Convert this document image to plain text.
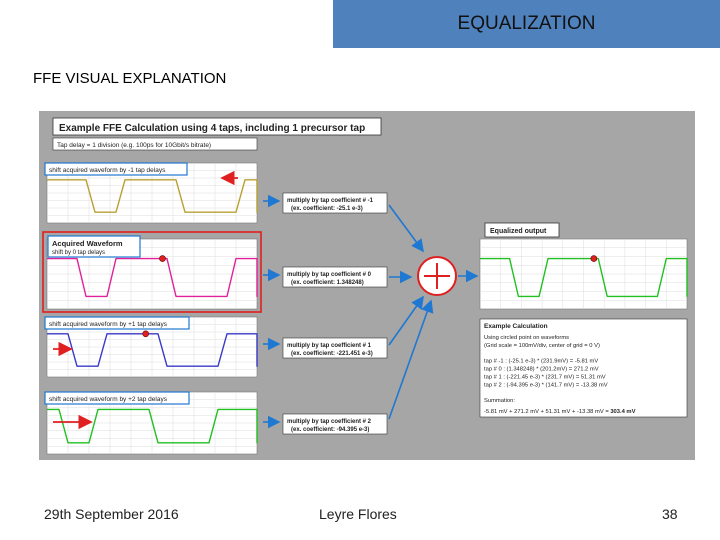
EQUALIZATION
FFE VISUAL EXPLANATION
Example FFE Calculation using 4 taps, including 1 precursor tap
Tap delay = 1 division (e.g. 100ps for 10Gbit/s bitrate)
shift acquired waveform by -1 tap delays
Acquired Waveform
shift by 0 tap delays
shift acquired waveform by +1 tap delays
shift acquired waveform by +2 tap delays
multiply by tap coefficient # -1
(ex. coefficient: -25.1 e-3)
multiply by tap coefficient # 0
(ex. coefficient: 1.348248)
multiply by tap coefficient # 1
(ex. coefficient: -221.451 e-3)
multiply by tap coefficient # 2
(ex. coefficient: -94.395 e-3)
Equalized output
Example Calculation
Using circled point on waveforms
(Grid scale = 100mV/div, center of grid = 0 V)
tap # -1 : (-25.1 e-3) * (231.9mV) = -5.81 mV
tap # 0 : (1.348248) * (201.2mV) = 271.2 mV
tap # 1 : (-221.45 e-3) * (231.7 mV) = 51.31 mV
tap # 2 : (-94.395 e-3) * (141.7 mV) = -13.38 mV
Summation:
-5.81 mV + 271.2 mV + 51.31 mV + -13.38 mV = 303.4 mV
29th September 2016	Leyre Flores	38
